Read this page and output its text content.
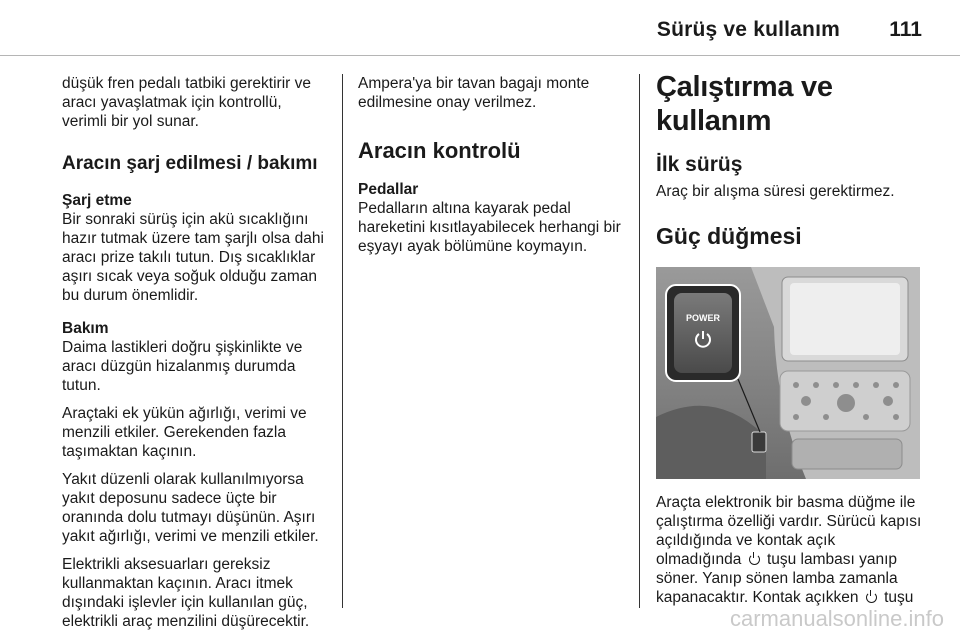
Sürüş ve kullanım 111

düşük fren pedalı tatbiki gerektirir ve aracı yavaşlatmak için kontrollü, verimli bir yol sunar.

Aracın şarj edilmesi / bakımı
Şarj etme

Bir sonraki sürüş için akü sıcaklığını hazır tutmak üzere tam şarjlı olsa dahi aracı prize takılı tutun. Dış sıcaklıklar aşırı sıcak veya soğuk olduğu zaman bu durum önemlidir.

Bakım

Daima lastikleri doğru şişkinlikte ve aracı düzgün hizalanmış durumda tutun.

Araçtaki ek yükün ağırlığı, verimi ve menzili etkiler. Gerekenden fazla taşımaktan kaçının.

Yakıt düzenli olarak kullanılmıyorsa yakıt deposunu sadece üçte bir oranında dolu tutmayı düşünün. Aşırı yakıt ağırlığı, verimi ve menzili etkiler.

Elektrikli aksesuarları gereksiz kullanmaktan kaçının. Aracı itmek dışındaki işlevler için kullanılan güç, elektrikli araç menzilini düşürecektir.

Ampera'ya bir tavan bagajı monte edilmesine onay verilmez.

Aracın kontrolü
Pedallar

Pedalların altına kayarak pedal hareketini kısıtlayabilecek herhangi bir eşyayı ayak bölümüne koymayın.

Çalıştırma ve kullanım
İlk sürüş

Araç bir alışma süresi gerektirmez.

Güç düğmesi
POWER

Araçta elektronik bir basma düğme ile çalıştırma özelliği vardır. Sürücü kapısı açıldığında ve kontak açık olmadığında tuşu lambası yanıp söner. Yanıp sönen lamba zamanla kapanacaktır. Kontak açıkken tuşu

carmanualsonline.info
